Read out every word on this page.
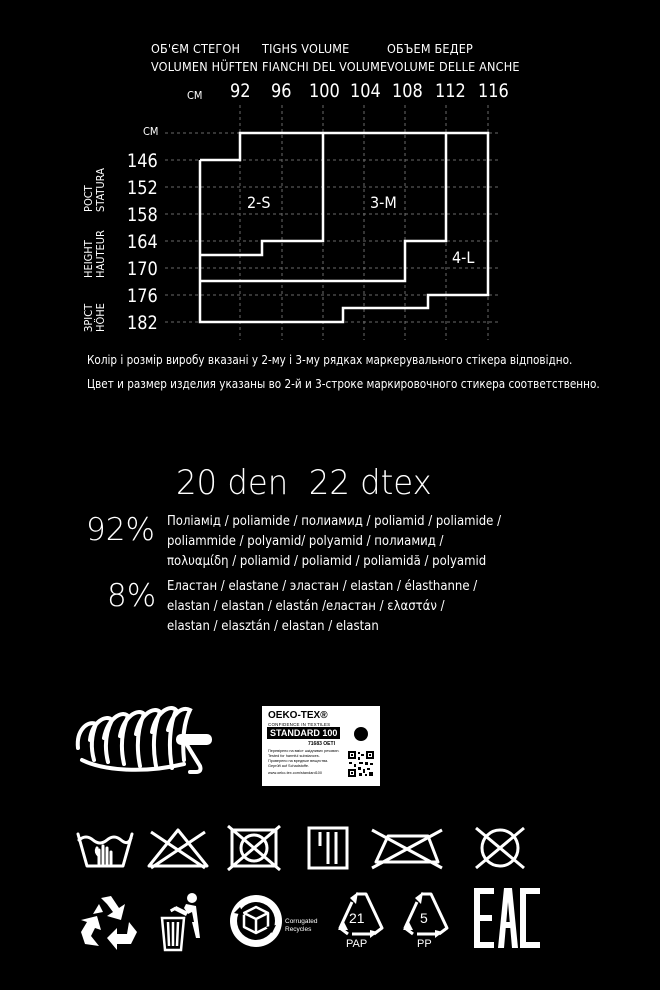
ОБ'ЄМ СТЕГОН TIGHS VOLUME	ОБЪЕМ БЕДЕР
VOLUMEN HÜFTEN FIANCHI DEL VOLUME VOLUME DELLE ANCHE
CM
CM
92 96 100 104 108 112 116
146
152
158
164
170
176
182
РОСТ STATURA
HEIGHT HAUTEUR
ЗРІСТ HÖHE
2-S	3-M
4-L
Колір і розмір виробу вказані у 2-му і 3-му рядках маркерувального стікера відповідно.
Цвет и размер изделия указаны во 2-й и 3-строке маркировочного стикера соответственно.
20 den 22 dtex
92% Поліамід / poliamide / полиамид / poliamid / poliamide /
poliammide / polyamid/ polyamid / полиамид /
πολυαμίδη / poliamid / poliamid / poliamidă / polyamid
8% Еластан / elastane / эластан / elastan / élasthanne /
elastan / elastan / elastán /еластан / ελαστάν /
elastan / elasztán / elastan / elastan
OEKO-TEX®
CONFIDENCE IN TEXTILES
STANDARD 100
71683 OETI
Перевірено на вміст шкідливих речовин.
Tested for harmful substances.
Проверено на вредные вещества.
Geprüft auf Schadstoffe.
www.oeko-tex.com/standard100
Corrugated
Recycles
21
PAP
5
PP
